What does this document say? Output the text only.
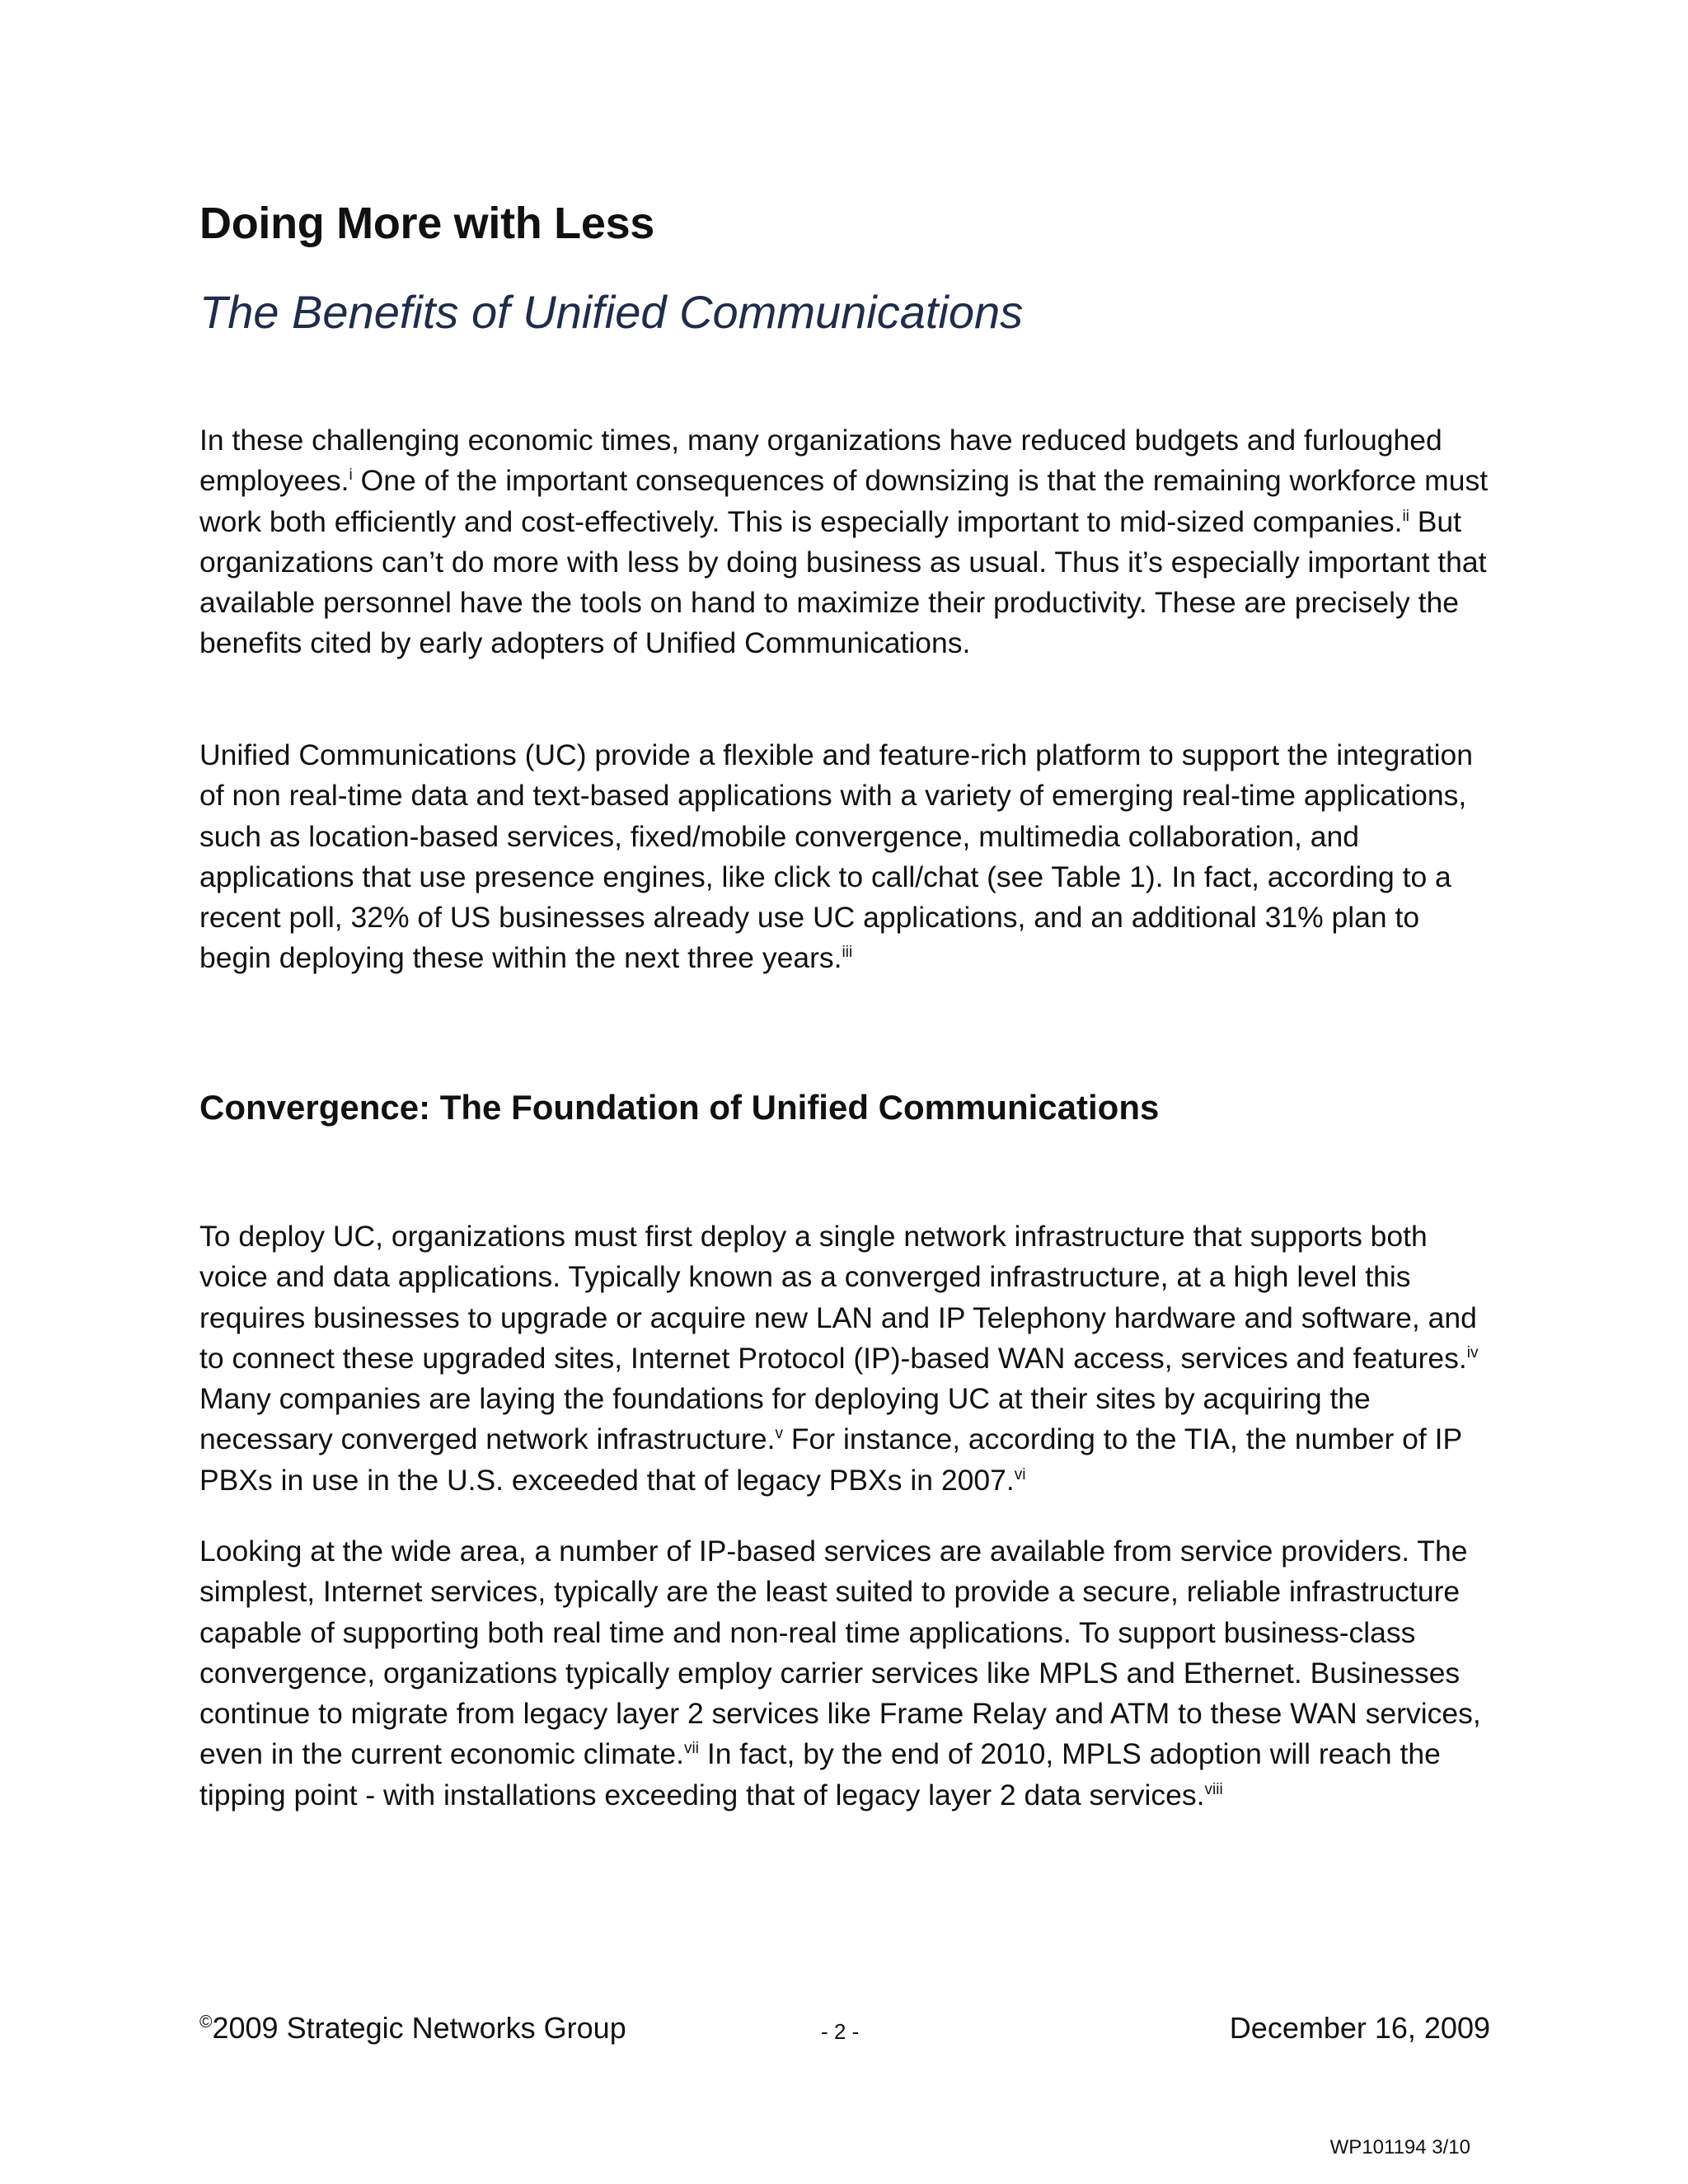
Doing More with Less
The Benefits of Unified Communications

In these challenging economic times, many organizations have reduced budgets and furloughed employees.$^i$ One of the important consequences of downsizing is that the remaining workforce must work both efficiently and cost-effectively. This is especially important to mid-sized companies.$^{ii}$ But organizations can’t do more with less by doing business as usual. Thus it’s especially important that available personnel have the tools on hand to maximize their productivity. These are precisely the benefits cited by early adopters of Unified Communications.

Unified Communications (UC) provide a flexible and feature-rich platform to support the integration of non real-time data and text-based applications with a variety of emerging real-time applications, such as location-based services, fixed/mobile convergence, multimedia collaboration, and applications that use presence engines, like click to call/chat (see Table 1). In fact, according to a recent poll, 32% of US businesses already use UC applications, and an additional 31% plan to begin deploying these within the next three years.$^{iii}$

Convergence: The Foundation of Unified Communications

To deploy UC, organizations must first deploy a single network infrastructure that supports both voice and data applications. Typically known as a converged infrastructure, at a high level this requires businesses to upgrade or acquire new LAN and IP Telephony hardware and software, and to connect these upgraded sites, Internet Protocol (IP)-based WAN access, services and features.$^{iv}$ Many companies are laying the foundations for deploying UC at their sites by acquiring the necessary converged network infrastructure.$^v$ For instance, according to the TIA, the number of IP PBXs in use in the U.S. exceeded that of legacy PBXs in 2007.$^{vi}$

Looking at the wide area, a number of IP-based services are available from service providers. The simplest, Internet services, typically are the least suited to provide a secure, reliable infrastructure capable of supporting both real time and non-real time applications. To support business-class convergence, organizations typically employ carrier services like MPLS and Ethernet. Businesses continue to migrate from legacy layer 2 services like Frame Relay and ATM to these WAN services, even in the current economic climate.$^{vii}$ In fact, by the end of 2010, MPLS adoption will reach the tipping point - with installations exceeding that of legacy layer 2 data services.$^{viii}$

©2009 Strategic Networks Group	- 2 -	December 16, 2009
WP101194 3/10
